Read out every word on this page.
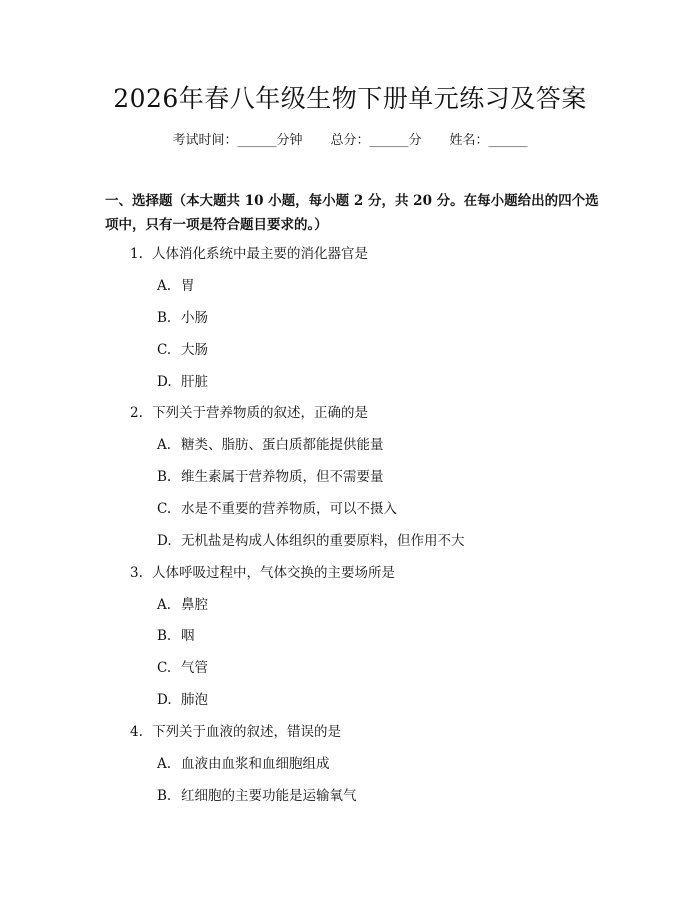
2026年春八年级生物下册单元练习及答案
考试时间：______分钟 总分：______分 姓名：______
一、选择题（本大题共 10 小题，每小题 2 分，共 20 分。在每小题给出的四个选
项中，只有一项是符合题目要求的。）
1. 人体消化系统中最主要的消化器官是
A. 胃
B. 小肠
C. 大肠
D. 肝脏
2. 下列关于营养物质的叙述，正确的是
A. 糖类、脂肪、蛋白质都能提供能量
B. 维生素属于营养物质，但不需要量
C. 水是不重要的营养物质，可以不摄入
D. 无机盐是构成人体组织的重要原料，但作用不大
3. 人体呼吸过程中，气体交换的主要场所是
A. 鼻腔
B. 咽
C. 气管
D. 肺泡
4. 下列关于血液的叙述，错误的是
A. 血液由血浆和血细胞组成
B. 红细胞的主要功能是运输氧气
